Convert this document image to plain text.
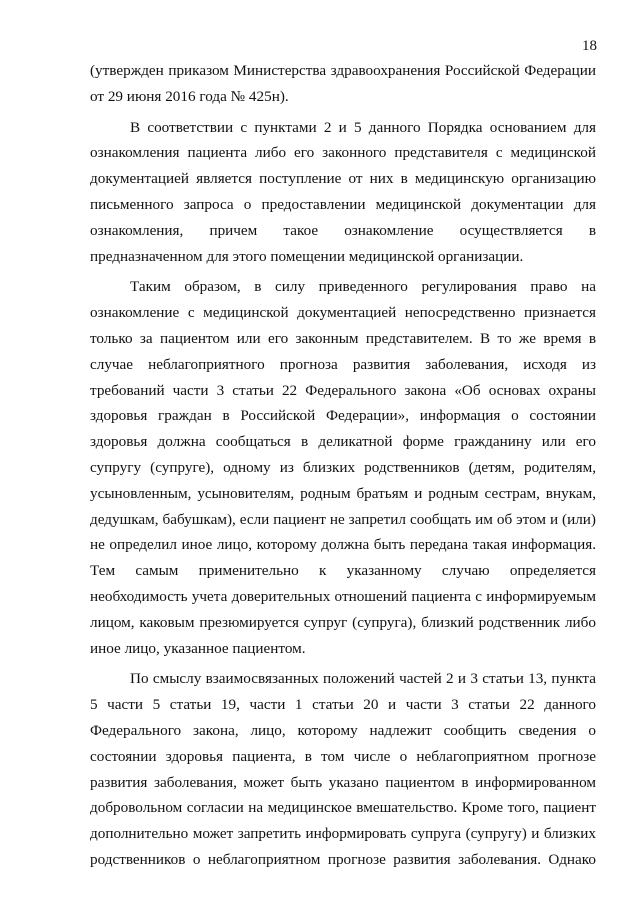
18

(утвержден приказом Министерства здравоохранения Российской Федерации
от 29 июня 2016 года № 425н).

В соответствии с пунктами 2 и 5 данного Порядка основанием для
ознакомления пациента либо его законного представителя с медицинской
документацией является поступление от них в медицинскую организацию
письменного запроса о предоставлении медицинской документации для
ознакомления, причем такое ознакомление осуществляется в
предназначенном для этого помещении медицинской организации.

Таким образом, в силу приведенного регулирования право на
ознакомление с медицинской документацией непосредственно признается
только за пациентом или его законным представителем. В то же время в
случае неблагоприятного прогноза развития заболевания, исходя из
требований части 3 статьи 22 Федерального закона «Об основах охраны
здоровья граждан в Российской Федерации», информация о состоянии
здоровья должна сообщаться в деликатной форме гражданину или его
супругу (супруге), одному из близких родственников (детям, родителям,
усыновленным, усыновителям, родным братьям и родным сестрам, внукам,
дедушкам, бабушкам), если пациент не запретил сообщать им об этом и (или)
не определил иное лицо, которому должна быть передана такая информация.
Тем самым применительно к указанному случаю определяется
необходимость учета доверительных отношений пациента с информируемым
лицом, каковым презюмируется супруг (супруга), близкий родственник либо
иное лицо, указанное пациентом.

По смыслу взаимосвязанных положений частей 2 и 3 статьи 13, пункта
5 части 5 статьи 19, части 1 статьи 20 и части 3 статьи 22 данного
Федерального закона, лицо, которому надлежит сообщить сведения о
состоянии здоровья пациента, в том числе о неблагоприятном прогнозе
развития заболевания, может быть указано пациентом в информированном
добровольном согласии на медицинское вмешательство. Кроме того, пациент
дополнительно может запретить информировать супруга (супругу) и близких
родственников о неблагоприятном прогнозе развития заболевания. Однако
